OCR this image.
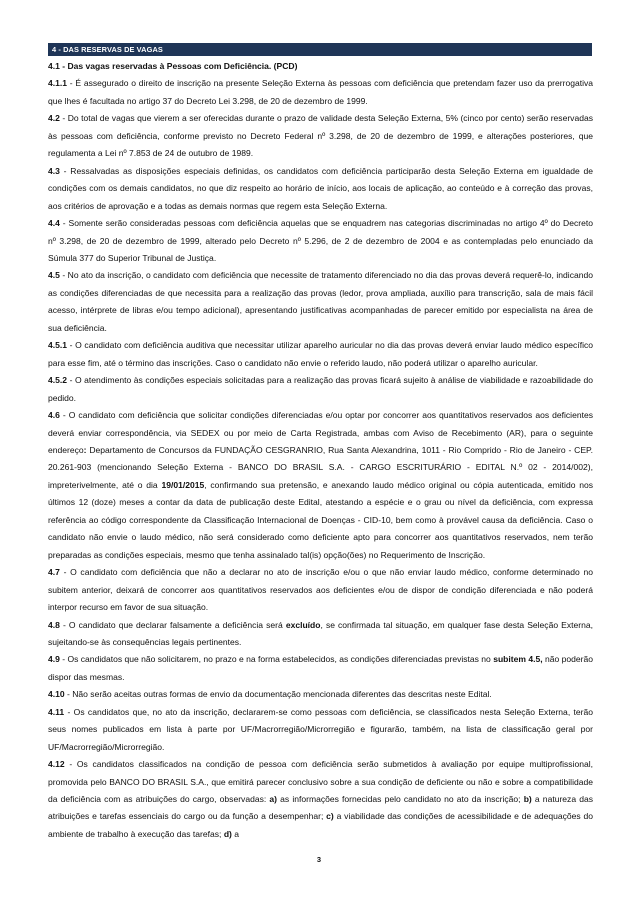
4 - DAS RESERVAS DE VAGAS

4.1 - Das vagas reservadas à Pessoas com Deficiência. (PCD)

4.1.1 - É assegurado o direito de inscrição na presente Seleção Externa às pessoas com deficiência que pretendam fazer uso da prerrogativa que lhes é facultada no artigo 37 do Decreto Lei 3.298, de 20 de dezembro de 1999.

4.2 - Do total de vagas que vierem a ser oferecidas durante o prazo de validade desta Seleção Externa, 5% (cinco por cento) serão reservadas às pessoas com deficiência, conforme previsto no Decreto Federal nº 3.298, de 20 de dezembro de 1999, e alterações posteriores, que regulamenta a Lei nº 7.853 de 24 de outubro de 1989.

4.3 - Ressalvadas as disposições especiais definidas, os candidatos com deficiência participarão desta Seleção Externa em igualdade de condições com os demais candidatos, no que diz respeito ao horário de início, aos locais de aplicação, ao conteúdo e à correção das provas, aos critérios de aprovação e a todas as demais normas que regem esta Seleção Externa.

4.4 - Somente serão consideradas pessoas com deficiência aquelas que se enquadrem nas categorias discriminadas no artigo 4º do Decreto nº 3.298, de 20 de dezembro de 1999, alterado pelo Decreto nº 5.296, de 2 de dezembro de 2004 e as contempladas pelo enunciado da Súmula 377 do Superior Tribunal de Justiça.

4.5 - No ato da inscrição, o candidato com deficiência que necessite de tratamento diferenciado no dia das provas deverá requerê-lo, indicando as condições diferenciadas de que necessita para a realização das provas (ledor, prova ampliada, auxílio para transcrição, sala de mais fácil acesso, intérprete de libras e/ou tempo adicional), apresentando justificativas acompanhadas de parecer emitido por especialista na área de sua deficiência.

4.5.1 - O candidato com deficiência auditiva que necessitar utilizar aparelho auricular no dia das provas deverá enviar laudo médico específico para esse fim, até o término das inscrições. Caso o candidato não envie o referido laudo, não poderá utilizar o aparelho auricular.

4.5.2 - O atendimento às condições especiais solicitadas para a realização das provas ficará sujeito à análise de viabilidade e razoabilidade do pedido.

4.6 - O candidato com deficiência que solicitar condições diferenciadas e/ou optar por concorrer aos quantitativos reservados aos deficientes deverá enviar correspondência, via SEDEX ou por meio de Carta Registrada, ambas com Aviso de Recebimento (AR), para o seguinte endereço: Departamento de Concursos da FUNDAÇÃO CESGRANRIO, Rua Santa Alexandrina, 1011 - Rio Comprido - Rio de Janeiro - CEP. 20.261-903 (mencionando Seleção Externa - BANCO DO BRASIL S.A. - CARGO ESCRITURÁRIO - EDITAL N.º 02 - 2014/002), impreterivelmente, até o dia 19/01/2015, confirmando sua pretensão, e anexando laudo médico original ou cópia autenticada, emitido nos últimos 12 (doze) meses a contar da data de publicação deste Edital, atestando a espécie e o grau ou nível da deficiência, com expressa referência ao código correspondente da Classificação Internacional de Doenças - CID-10, bem como à provável causa da deficiência. Caso o candidato não envie o laudo médico, não será considerado como deficiente apto para concorrer aos quantitativos reservados, nem terão preparadas as condições especiais, mesmo que tenha assinalado tal(is) opção(ões) no Requerimento de Inscrição.

4.7 - O candidato com deficiência que não a declarar no ato de inscrição e/ou o que não enviar laudo médico, conforme determinado no subitem anterior, deixará de concorrer aos quantitativos reservados aos deficientes e/ou de dispor de condição diferenciada e não poderá interpor recurso em favor de sua situação.

4.8 - O candidato que declarar falsamente a deficiência será excluído, se confirmada tal situação, em qualquer fase desta Seleção Externa, sujeitando-se às consequências legais pertinentes.

4.9 - Os candidatos que não solicitarem, no prazo e na forma estabelecidos, as condições diferenciadas previstas no subitem 4.5, não poderão dispor das mesmas.

4.10 - Não serão aceitas outras formas de envio da documentação mencionada diferentes das descritas neste Edital.

4.11 - Os candidatos que, no ato da inscrição, declararem-se como pessoas com deficiência, se classificados nesta Seleção Externa, terão seus nomes publicados em lista à parte por UF/Macrorregião/Microrregião e figurarão, também, na lista de classificação geral por UF/Macrorregião/Microrregião.

4.12 - Os candidatos classificados na condição de pessoa com deficiência serão submetidos à avaliação por equipe multiprofissional, promovida pelo BANCO DO BRASIL S.A., que emitirá parecer conclusivo sobre a sua condição de deficiente ou não e sobre a compatibilidade da deficiência com as atribuições do cargo, observadas: a) as informações fornecidas pelo candidato no ato da inscrição; b) a natureza das atribuições e tarefas essenciais do cargo ou da função a desempenhar; c) a viabilidade das condições de acessibilidade e de adequações do ambiente de trabalho à execução das tarefas; d) a

3
